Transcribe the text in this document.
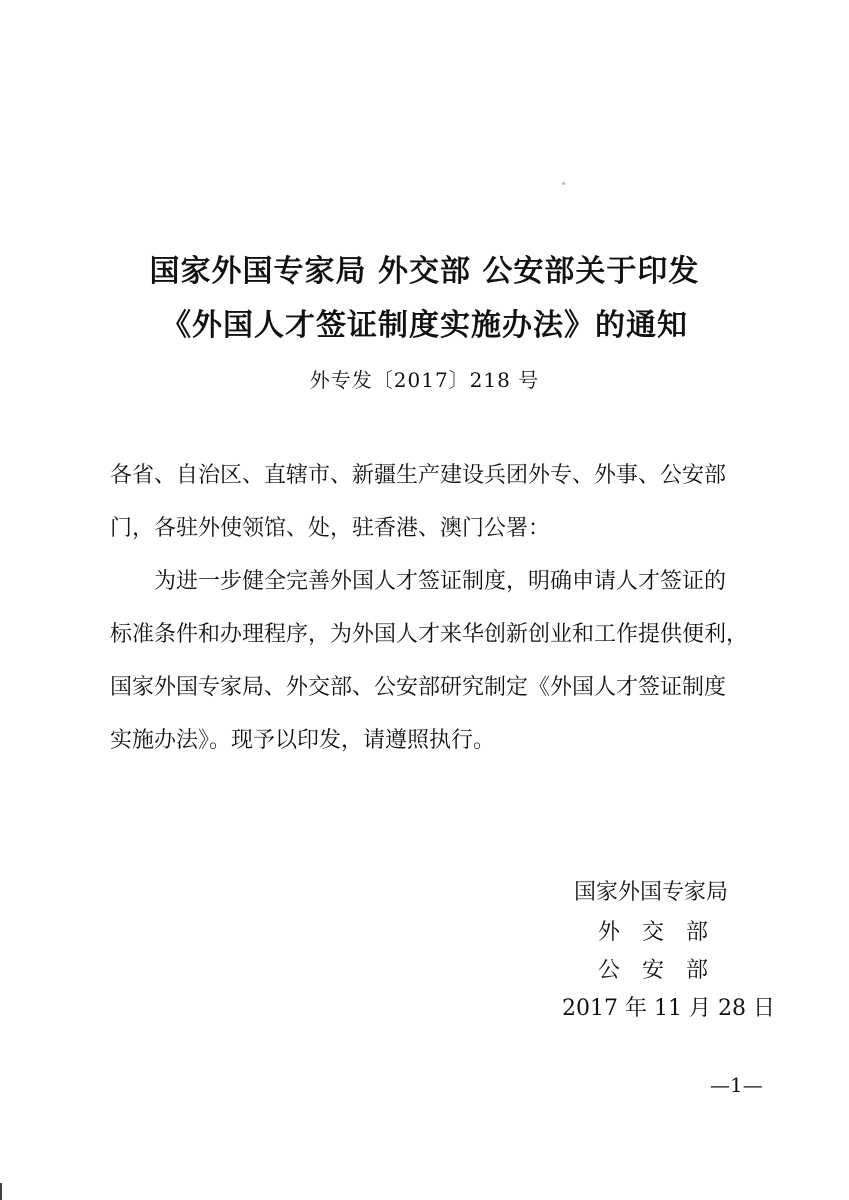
国家外国专家局 外交部 公安部关于印发
《外国人才签证制度实施办法》的通知
外专发〔2017〕218 号
各省、自治区、直辖市、新疆生产建设兵团外专、外事、公安部
门，各驻外使领馆、处，驻香港、澳门公署：
为进一步健全完善外国人才签证制度，明确申请人才签证的
标准条件和办理程序，为外国人才来华创新创业和工作提供便利，
国家外国专家局、外交部、公安部研究制定《外国人才签证制度
实施办法》。现予以印发，请遵照执行。
国家外国专家局
外　交　部
公　安　部
2017 年 11 月 28 日
—1—
